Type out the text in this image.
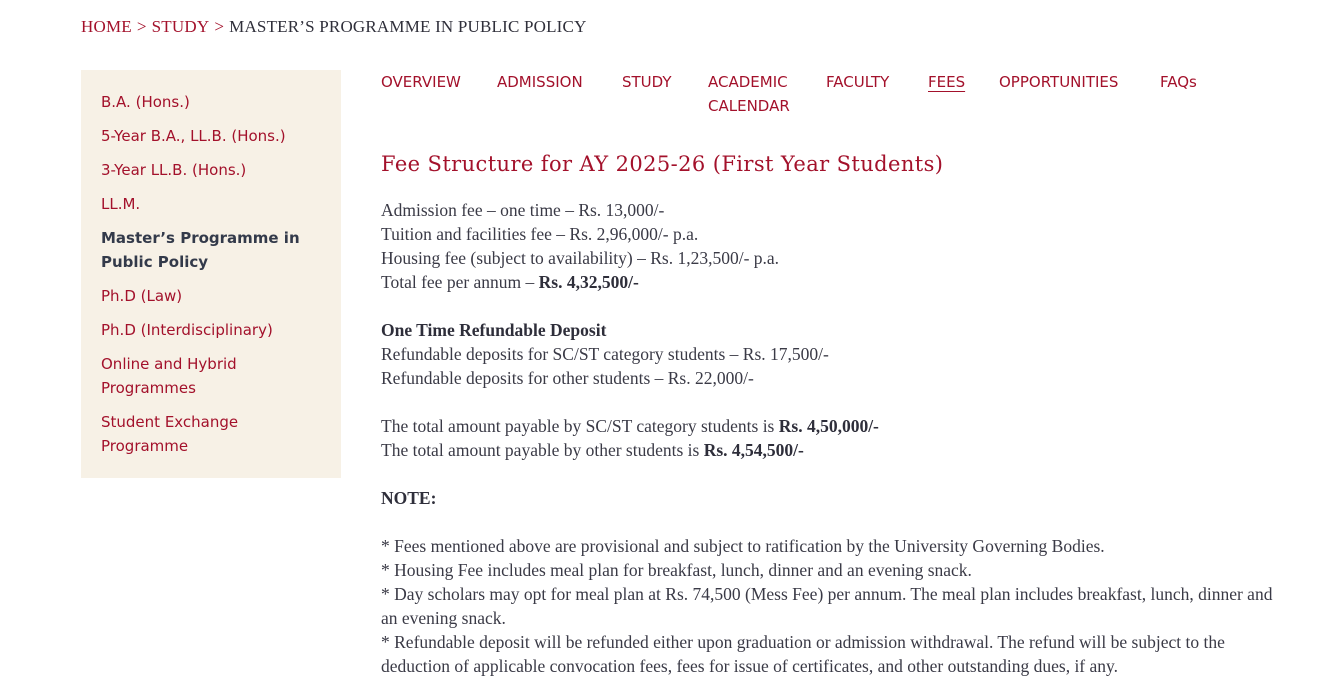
HOME > STUDY > MASTER’S PROGRAMME IN PUBLIC POLICY
B.A. (Hons.)
5-Year B.A., LL.B. (Hons.)
3-Year LL.B. (Hons.)
LL.M.
Master’s Programme in Public Policy
Ph.D (Law)
Ph.D (Interdisciplinary)
Online and Hybrid Programmes
Student Exchange Programme
OVERVIEW ADMISSION	STUDY ACADEMIC CALENDAR
FACULTY	FEES OPPORTUNITIES	FAQs
Fee Structure for AY 2025-26 (First Year Students)

Admission fee – one time – Rs. 13,000/-

Tuition and facilities fee – Rs. 2,96,000/- p.a.

Housing fee (subject to availability) – Rs. 1,23,500/- p.a.

Total fee per annum – Rs. 4,32,500/-

One Time Refundable Deposit

Refundable deposits for SC/ST category students – Rs. 17,500/-

Refundable deposits for other students – Rs. 22,000/-

The total amount payable by SC/ST category students is Rs. 4,50,000/-

The total amount payable by other students is Rs. 4,54,500/-

NOTE:

* Fees mentioned above are provisional and subject to ratification by the University Governing Bodies.

* Housing Fee includes meal plan for breakfast, lunch, dinner and an evening snack.

* Day scholars may opt for meal plan at Rs. 74,500 (Mess Fee) per annum. The meal plan includes breakfast, lunch, dinner and an evening snack.

* Refundable deposit will be refunded either upon graduation or admission withdrawal. The refund will be subject to the deduction of applicable convocation fees, fees for issue of certificates, and other outstanding dues, if any.
